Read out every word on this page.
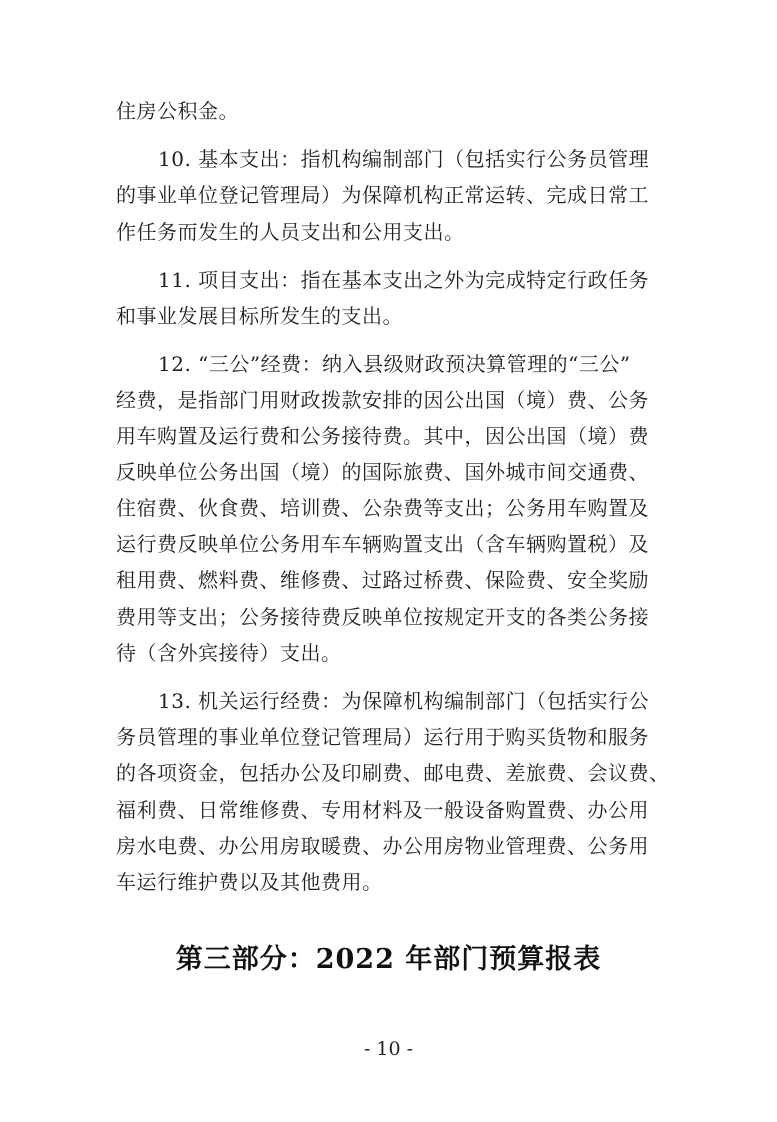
住房公积金。
10. 基本支出：指机构编制部门（包括实行公务员管理
的事业单位登记管理局）为保障机构正常运转、完成日常工
作任务而发生的人员支出和公用支出。
11. 项目支出：指在基本支出之外为完成特定行政任务
和事业发展目标所发生的支出。
12. “三公”经费：纳入县级财政预决算管理的“三公”
经费，是指部门用财政拨款安排的因公出国（境）费、公务
用车购置及运行费和公务接待费。其中，因公出国（境）费
反映单位公务出国（境）的国际旅费、国外城市间交通费、
住宿费、伙食费、培训费、公杂费等支出；公务用车购置及
运行费反映单位公务用车车辆购置支出（含车辆购置税）及
租用费、燃料费、维修费、过路过桥费、保险费、安全奖励
费用等支出；公务接待费反映单位按规定开支的各类公务接
待（含外宾接待）支出。
13. 机关运行经费：为保障机构编制部门（包括实行公
务员管理的事业单位登记管理局）运行用于购买货物和服务
的各项资金，包括办公及印刷费、邮电费、差旅费、会议费、
福利费、日常维修费、专用材料及一般设备购置费、办公用
房水电费、办公用房取暖费、办公用房物业管理费、公务用
车运行维护费以及其他费用。
第三部分：2022 年部门预算报表
- 10 -
